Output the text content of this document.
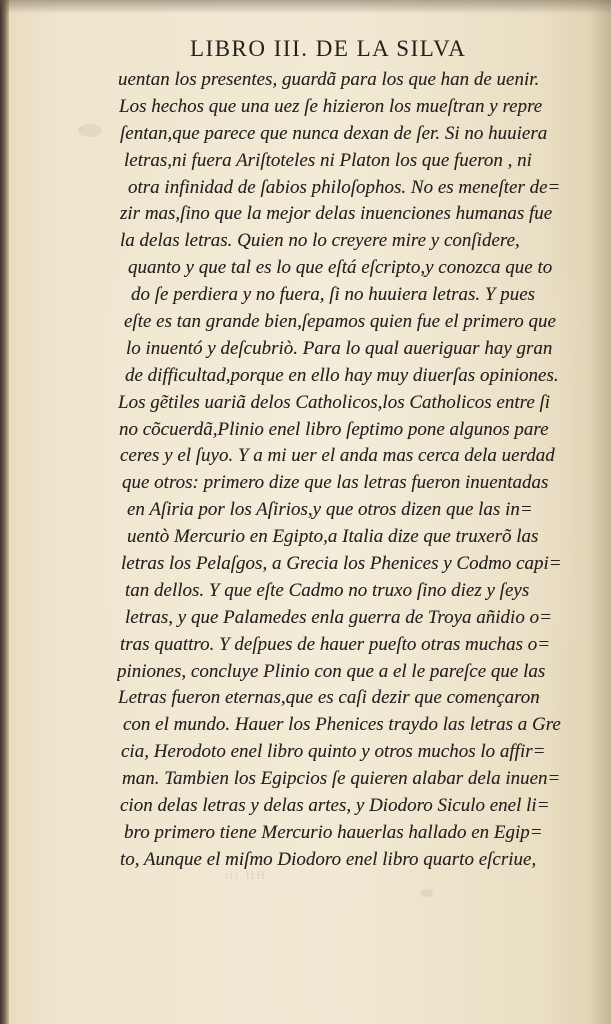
HH.iii
LIBRO III. DE LA SILVA
uentan los presentes, guardã para los que han de uenir.
Los hechos que una uez ſe hizieron los mueſtran y repre
ſentan,que parece que nunca dexan de ſer. Si no huuiera
letras,ni fuera Ariſtoteles ni Platon los que fueron , ni
otra infinidad de ſabios philoſophos. No es meneſter de=
zir mas,ſino que la mejor delas inuenciones humanas fue
la delas letras. Quien no lo creyere mire y conſidere,
quanto y que tal es lo que eſtá eſcripto,y conozca que to
do ſe perdiera y no fuera, ſi no huuiera letras. Y pues
eſte es tan grande bien,ſepamos quien fue el primero que
lo inuentó y deſcubriò. Para lo qual aueriguar hay gran
de difficultad,porque en ello hay muy diuerſas opiniones.
Los gẽtiles uariã delos Catholicos,los Catholicos entre ſi
no cõcuerdã,Plinio enel libro ſeptimo pone algunos pare
ceres y el ſuyo. Y a mi uer el anda mas cerca dela uerdad
que otros: primero dize que las letras fueron inuentadas
en Aſiria por los Aſirios,y que otros dizen que las in=
uentò Mercurio en Egipto,a Italia dize que truxerõ las
letras los Pelaſgos, a Grecia los Phenices y Codmo capi=
tan dellos. Y que eſte Cadmo no truxo ſino diez y ſeys
letras, y que Palamedes enla guerra de Troya añidio o=
tras quattro. Y deſpues de hauer pueſto otras muchas o=
piniones, concluye Plinio con que a el le pareſce que las
Letras fueron eternas,que es caſi dezir que començaron
con el mundo. Hauer los Phenices traydo las letras a Gre
cia, Herodoto enel libro quinto y otros muchos lo affir=
man. Tambien los Egipcios ſe quieren alabar dela inuen=
cion delas letras y delas artes, y Diodoro Siculo enel li=
bro primero tiene Mercurio hauerlas hallado en Egip=
to, Aunque el miſmo Diodoro enel libro quarto eſcriue,
